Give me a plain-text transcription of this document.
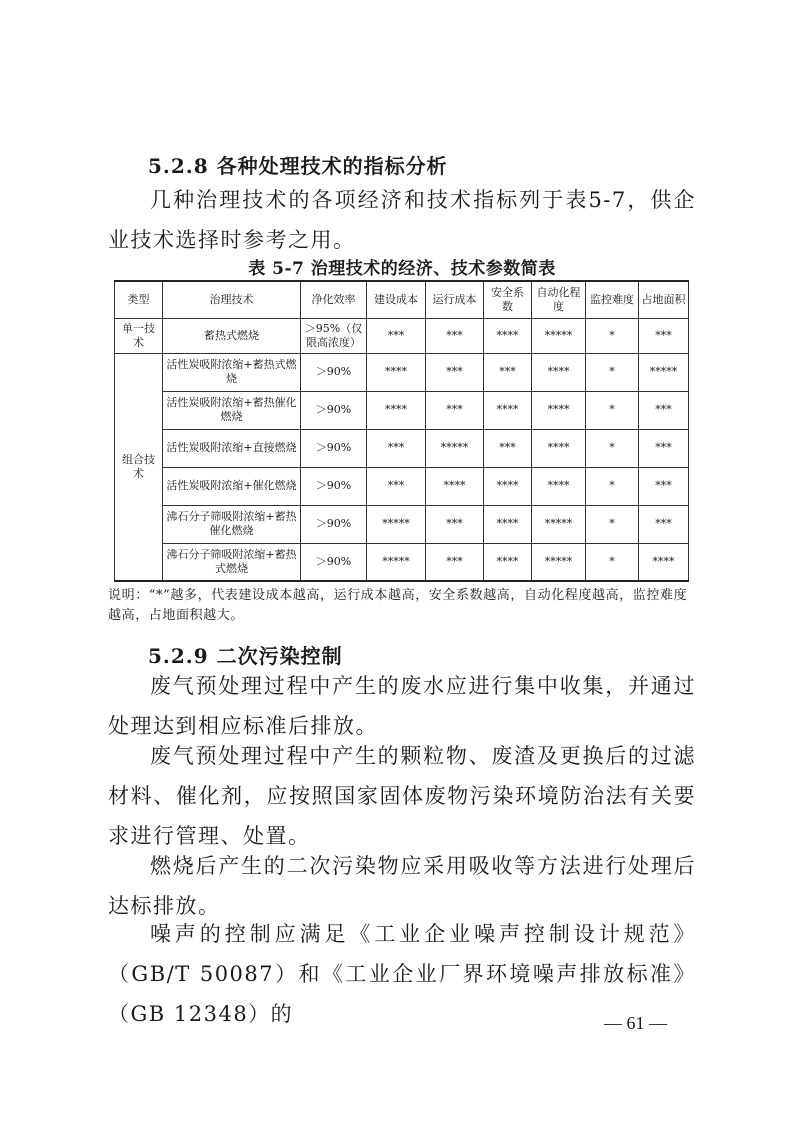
5.2.8 各种处理技术的指标分析

几种治理技术的各项经济和技术指标列于表5-7，供企业技术选择时参考之用。

表 5-7 治理技术的经济、技术参数简表
类型	治理技术	净化效率	建设成本	运行成本	安全系数	自动化程度	监控难度	占地面积
单一技术	蓄热式燃烧	＞95%（仅限高浓度）	***	***	****	*****	*	***
组合技术	活性炭吸附浓缩+蓄热式燃烧	＞90%	****	***	***	****	*	*****
	活性炭吸附浓缩+蓄热催化燃烧	＞90%	****	***	****	****	*	***
	活性炭吸附浓缩+直接燃烧	＞90%	***	*****	***	****	*	***
	活性炭吸附浓缩+催化燃烧	＞90%	***	****	****	****	*	***
	沸石分子筛吸附浓缩+蓄热催化燃烧	＞90%	*****	***	****	*****	*	***
	沸石分子筛吸附浓缩+蓄热式燃烧	＞90%	*****	***	****	*****	*	****

说明：“*”越多，代表建设成本越高，运行成本越高，安全系数越高，自动化程度越高，监控难度越高，占地面积越大。

5.2.9 二次污染控制

废气预处理过程中产生的废水应进行集中收集，并通过处理达到相应标准后排放。

废气预处理过程中产生的颗粒物、废渣及更换后的过滤材料、催化剂，应按照国家固体废物污染环境防治法有关要求进行管理、处置。

燃烧后产生的二次污染物应采用吸收等方法进行处理后达标排放。

噪声的控制应满足《工业企业噪声控制设计规范》（GB/T 50087）和《工业企业厂界环境噪声排放标准》（GB 12348）的	— 61 —
